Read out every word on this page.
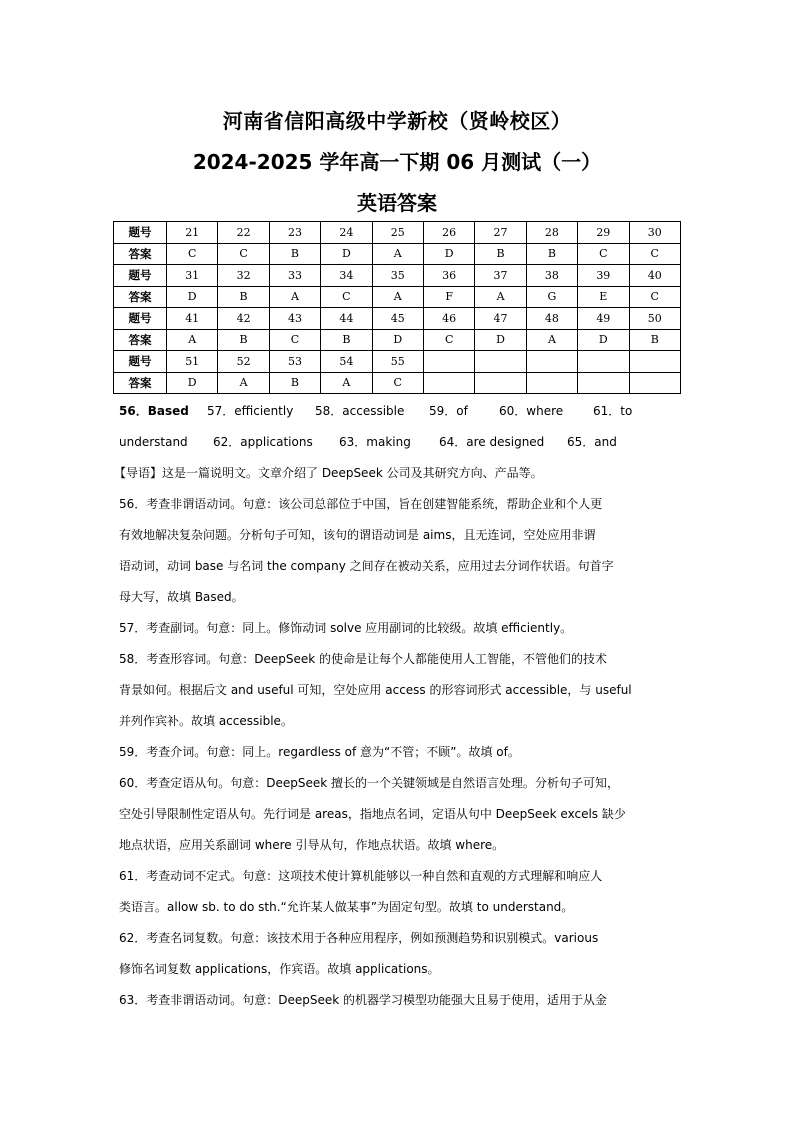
河南省信阳高级中学新校（贤岭校区）
2024-2025 学年高一下期 06 月测试（一）
英语答案
题号	21	22	23	24	25	26	27	28	29	30
答案	C	C	B	D	A	D	B	B	C	C
题号	31	32	33	34	35	36	37	38	39	40
答案	D	B	A	C	A	F	A	G	E	C
题号	41	42	43	44	45	46	47	48	49	50
答案	A	B	C	B	D	C	D	A	D	B
题号	51	52	53	54	55					
答案	D	A	B	A	C					
56．Based 57．efficiently 58．accessible 59．of	60．where 61．to
understand 62．applications 63．making 64．are designed 65．and
【导语】这是一篇说明文。文章介绍了 DeepSeek 公司及其研究方向、产品等。
56．考查非谓语动词。句意：该公司总部位于中国，旨在创建智能系统，帮助企业和个人更
有效地解决复杂问题。分析句子可知，该句的谓语动词是 aims，且无连词，空处应用非谓
语动词，动词 base 与名词 the company 之间存在被动关系，应用过去分词作状语。句首字
母大写，故填 Based。
57．考查副词。句意：同上。修饰动词 solve 应用副词的比较级。故填 efficiently。
58．考查形容词。句意：DeepSeek 的使命是让每个人都能使用人工智能，不管他们的技术
背景如何。根据后文 and useful 可知，空处应用 access 的形容词形式 accessible，与 useful
并列作宾补。故填 accessible。
59．考查介词。句意：同上。regardless of 意为“不管；不顾”。故填 of。
60．考查定语从句。句意：DeepSeek 擅长的一个关键领域是自然语言处理。分析句子可知，
空处引导限制性定语从句。先行词是 areas，指地点名词，定语从句中 DeepSeek excels 缺少
地点状语，应用关系副词 where 引导从句，作地点状语。故填 where。
61．考查动词不定式。句意：这项技术使计算机能够以一种自然和直观的方式理解和响应人
类语言。allow sb. to do sth.“允许某人做某事”为固定句型。故填 to understand。
62．考查名词复数。句意：该技术用于各种应用程序，例如预测趋势和识别模式。various
修饰名词复数 applications，作宾语。故填 applications。
63．考查非谓语动词。句意：DeepSeek 的机器学习模型功能强大且易于使用，适用于从金
